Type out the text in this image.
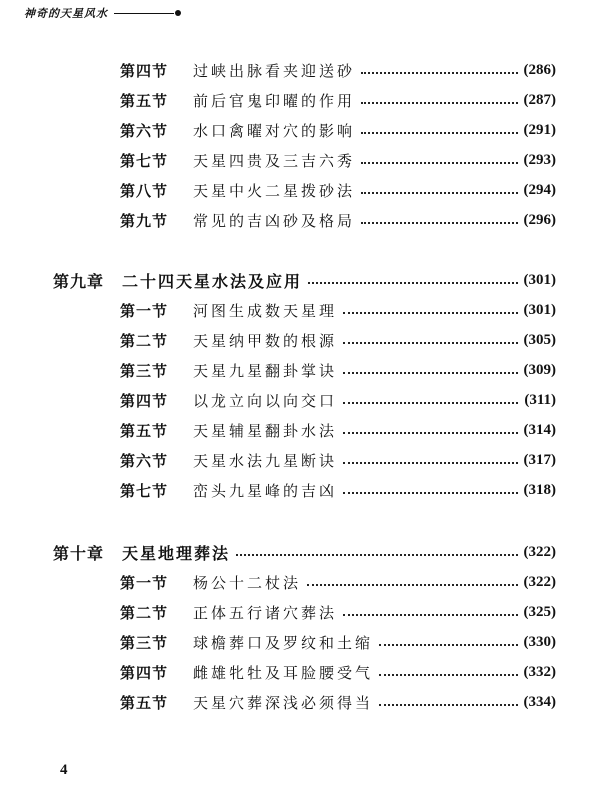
神奇的天星风水
第四节	过峡出脉看夹迎送砂	(286)
第五节	前后官鬼印曜的作用	(287)
第六节	水口禽曜对穴的影响	(291)
第七节	天星四贵及三吉六秀	(293)
第八节	天星中火二星拨砂法	(294)
第九节	常见的吉凶砂及格局	(296)
第九章 二十四天星水法及应用	(301)
第一节	河图生成数天星理	(301)
第二节	天星纳甲数的根源	(305)
第三节	天星九星翻卦掌诀	(309)
第四节	以龙立向以向交口	(311)
第五节	天星辅星翻卦水法	(314)
第六节	天星水法九星断诀	(317)
第七节	峦头九星峰的吉凶	(318)
第十章 天星地理葬法	(322)
第一节	杨公十二杖法	(322)
第二节	正体五行诸穴葬法	(325)
第三节	球檐葬口及罗纹和土缩	(330)
第四节	雌雄牝牡及耳脸腰受气	(332)
第五节	天星穴葬深浅必须得当	(334)
4
